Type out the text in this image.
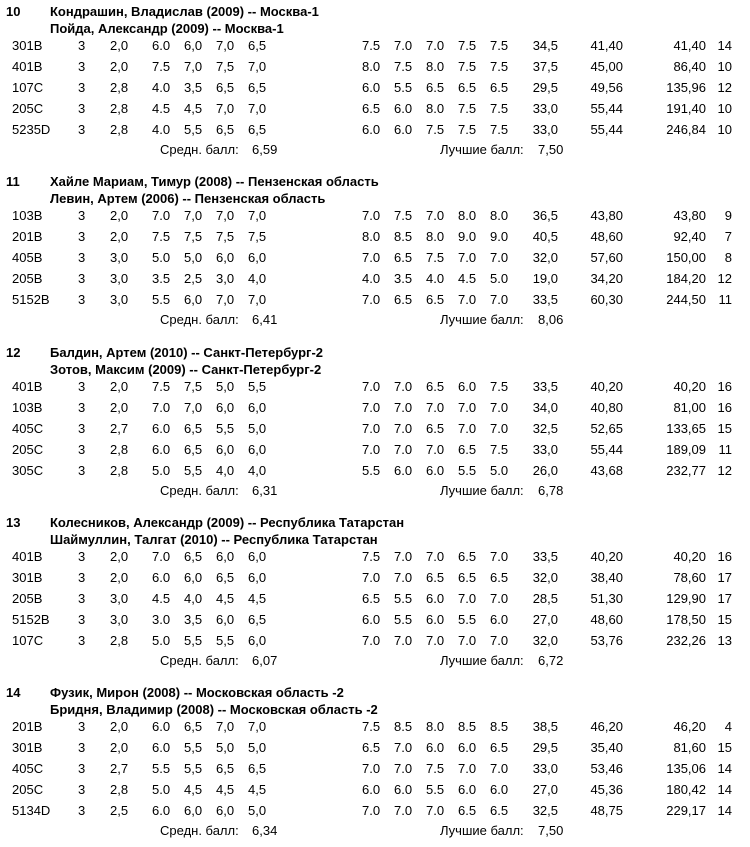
10 Кондрашин, Владислав (2009) -- Москва-1
Пойда, Александр (2009) -- Москва-1
301B	3 2,0 6.0	6,0	7,0	6,5	7.5	7.0	7.0	7.5	7.5	34,5 41,40	41,40 14
401B	3 2,0 7.5	7,0	7,5	7,0	8.0	7.5	8.0	7.5	7.5	37,5 45,00	86,40 10
107C	3 2,8 4.0	3,5	6,5	6,5	6.0	5.5	6.5	6.5	6.5	29,5 49,56	135,96 12
205C	3 2,8 4.5	4,5	7,0	7,0	6.5	6.0	8.0	7.5	7.5	33,0 55,44	191,40 10
5235D 3 2,8 4.0	5,5	6,5	6,5	6.0	6.0	7.5	7.5	7.5	33,0 55,44	246,84 10
Средн. балл: 6,59	Лучшие балл: 7,50
11 Хайле Мариам, Тимур (2008) -- Пензенская область
Левин, Артем (2006) -- Пензенская область
103B	3 2,0 7.0	7,0	7,0	7,0	7.0	7.5	7.0	8.0	8.0	36,5 43,80	43,80 9
201B	3 2,0 7.5	7,5	7,5	7,5	8.0	8.5	8.0	9.0	9.0	40,5 48,60	92,40 7
405B	3 3,0 5.0	5,0	6,0	6,0	7.0	6.5	7.5	7.0	7.0	32,0 57,60	150,00 8
205B	3 3,0 3.5	2,5	3,0	4,0	4.0	3.5	4.0	4.5	5.0	19,0 34,20	184,20 12
5152B 3 3,0 5.5	6,0	7,0	7,0	7.0	6.5	6.5	7.0	7.0	33,5 60,30	244,50 11
Средн. балл: 6,41	Лучшие балл: 8,06
12 Балдин, Артем (2010) -- Санкт-Петербург-2
Зотов, Максим (2009) -- Санкт-Петербург-2
401B	3 2,0 7.5	7,5	5,0	5,5	7.0	7.0	6.5	6.0	7.5	33,5 40,20	40,20 16
103B	3 2,0 7.0	7,0	6,0	6,0	7.0	7.0	7.0	7.0	7.0	34,0 40,80	81,00 16
405C	3 2,7 6.0	6,5	5,5	5,0	7.0	7.0	6.5	7.0	7.0	32,5 52,65	133,65 15
205C	3 2,8 6.0	6,5	6,0	6,0	7.0	7.0	7.0	6.5	7.5	33,0 55,44	189,09 11
305C	3 2,8 5.0	5,5	4,0	4,0	5.5	6.0	6.0	5.5	5.0	26,0 43,68	232,77 12
Средн. балл: 6,31	Лучшие балл: 6,78
13 Колесников, Александр (2009) -- Республика Татарстан
Шаймуллин, Талгат (2010) -- Республика Татарстан
401B	3 2,0 7.0	6,5	6,0	6,0	7.5	7.0	7.0	6.5	7.0	33,5 40,20	40,20 16
301B	3 2,0 6.0	6,0	6,5	6,0	7.0	7.0	6.5	6.5	6.5	32,0 38,40	78,60 17
205B	3 3,0 4.5	4,0	4,5	4,5	6.5	5.5	6.0	7.0	7.0	28,5 51,30	129,90 17
5152B 3 3,0 3.0	3,5	6,0	6,5	6.0	5.5	6.0	5.5	6.0	27,0 48,60	178,50 15
107C	3 2,8 5.0	5,5	5,5	6,0	7.0	7.0	7.0	7.0	7.0	32,0 53,76	232,26 13
Средн. балл: 6,07	Лучшие балл: 6,72
14 Фузик, Мирон (2008) -- Московская область -2
Бридня, Владимир (2008) -- Московская область -2
201B	3 2,0 6.0	6,5	7,0	7,0	7.5	8.5	8.0	8.5	8.5	38,5 46,20	46,20 4
301B	3 2,0 6.0	5,5	5,0	5,0	6.5	7.0	6.0	6.0	6.5	29,5 35,40	81,60 15
405C	3 2,7 5.5	5,5	6,5	6,5	7.0	7.0	7.5	7.0	7.0	33,0 53,46	135,06 14
205C	3 2,8 5.0	4,5	4,5	4,5	6.0	6.0	5.5	6.0	6.0	27,0 45,36	180,42 14
5134D 3 2,5 6.0	6,0	6,0	5,0	7.0	7.0	7.0	6.5	6.5	32,5 48,75	229,17 14
Средн. балл: 6,34	Лучшие балл: 7,50
